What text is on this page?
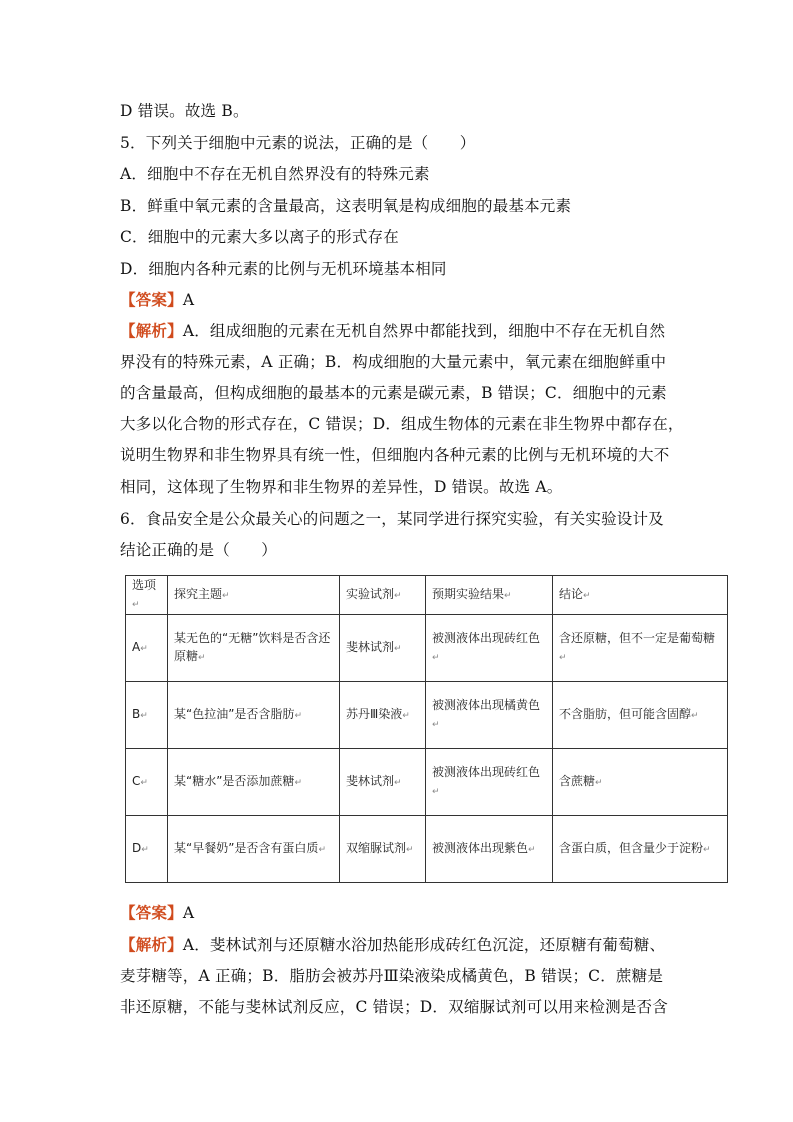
D 错误。故选 B。
5．下列关于细胞中元素的说法，正确的是（　　）
A．细胞中不存在无机自然界没有的特殊元素
B．鲜重中氧元素的含量最高，这表明氧是构成细胞的最基本元素
C．细胞中的元素大多以离子的形式存在
D．细胞内各种元素的比例与无机环境基本相同
【答案】A
【解析】A．组成细胞的元素在无机自然界中都能找到，细胞中不存在无机自然
界没有的特殊元素，A 正确；B．构成细胞的大量元素中，氧元素在细胞鲜重中
的含量最高，但构成细胞的最基本的元素是碳元素，B 错误；C．细胞中的元素
大多以化合物的形式存在，C 错误；D．组成生物体的元素在非生物界中都存在，
说明生物界和非生物界具有统一性，但细胞内各种元素的比例与无机环境的大不
相同，这体现了生物界和非生物界的差异性，D 错误。故选 A。
6．食品安全是公众最关心的问题之一，某同学进行探究实验，有关实验设计及
结论正确的是（　　）
选项↵	探究主题↵	实验试剂↵	预期实验结果↵	结论↵
A↵	某无色的“无糖”饮料是否含还原糖↵	斐林试剂↵	被测液体出现砖红色↵	含还原糖，但不一定是葡萄糖↵
B↵	某“色拉油”是否含脂肪↵	苏丹Ⅲ染液↵	被测液体出现橘黄色↵	不含脂肪，但可能含固醇↵
C↵	某“糖水”是否添加蔗糖↵	斐林试剂↵	被测液体出现砖红色↵	含蔗糖↵
D↵	某“早餐奶”是否含有蛋白质↵	双缩脲试剂↵	被测液体出现紫色↵	含蛋白质，但含量少于淀粉↵
【答案】A
【解析】A．斐林试剂与还原糖水浴加热能形成砖红色沉淀，还原糖有葡萄糖、
麦芽糖等，A 正确；B．脂肪会被苏丹Ⅲ染液染成橘黄色，B 错误；C．蔗糖是
非还原糖，不能与斐林试剂反应，C 错误；D．双缩脲试剂可以用来检测是否含
